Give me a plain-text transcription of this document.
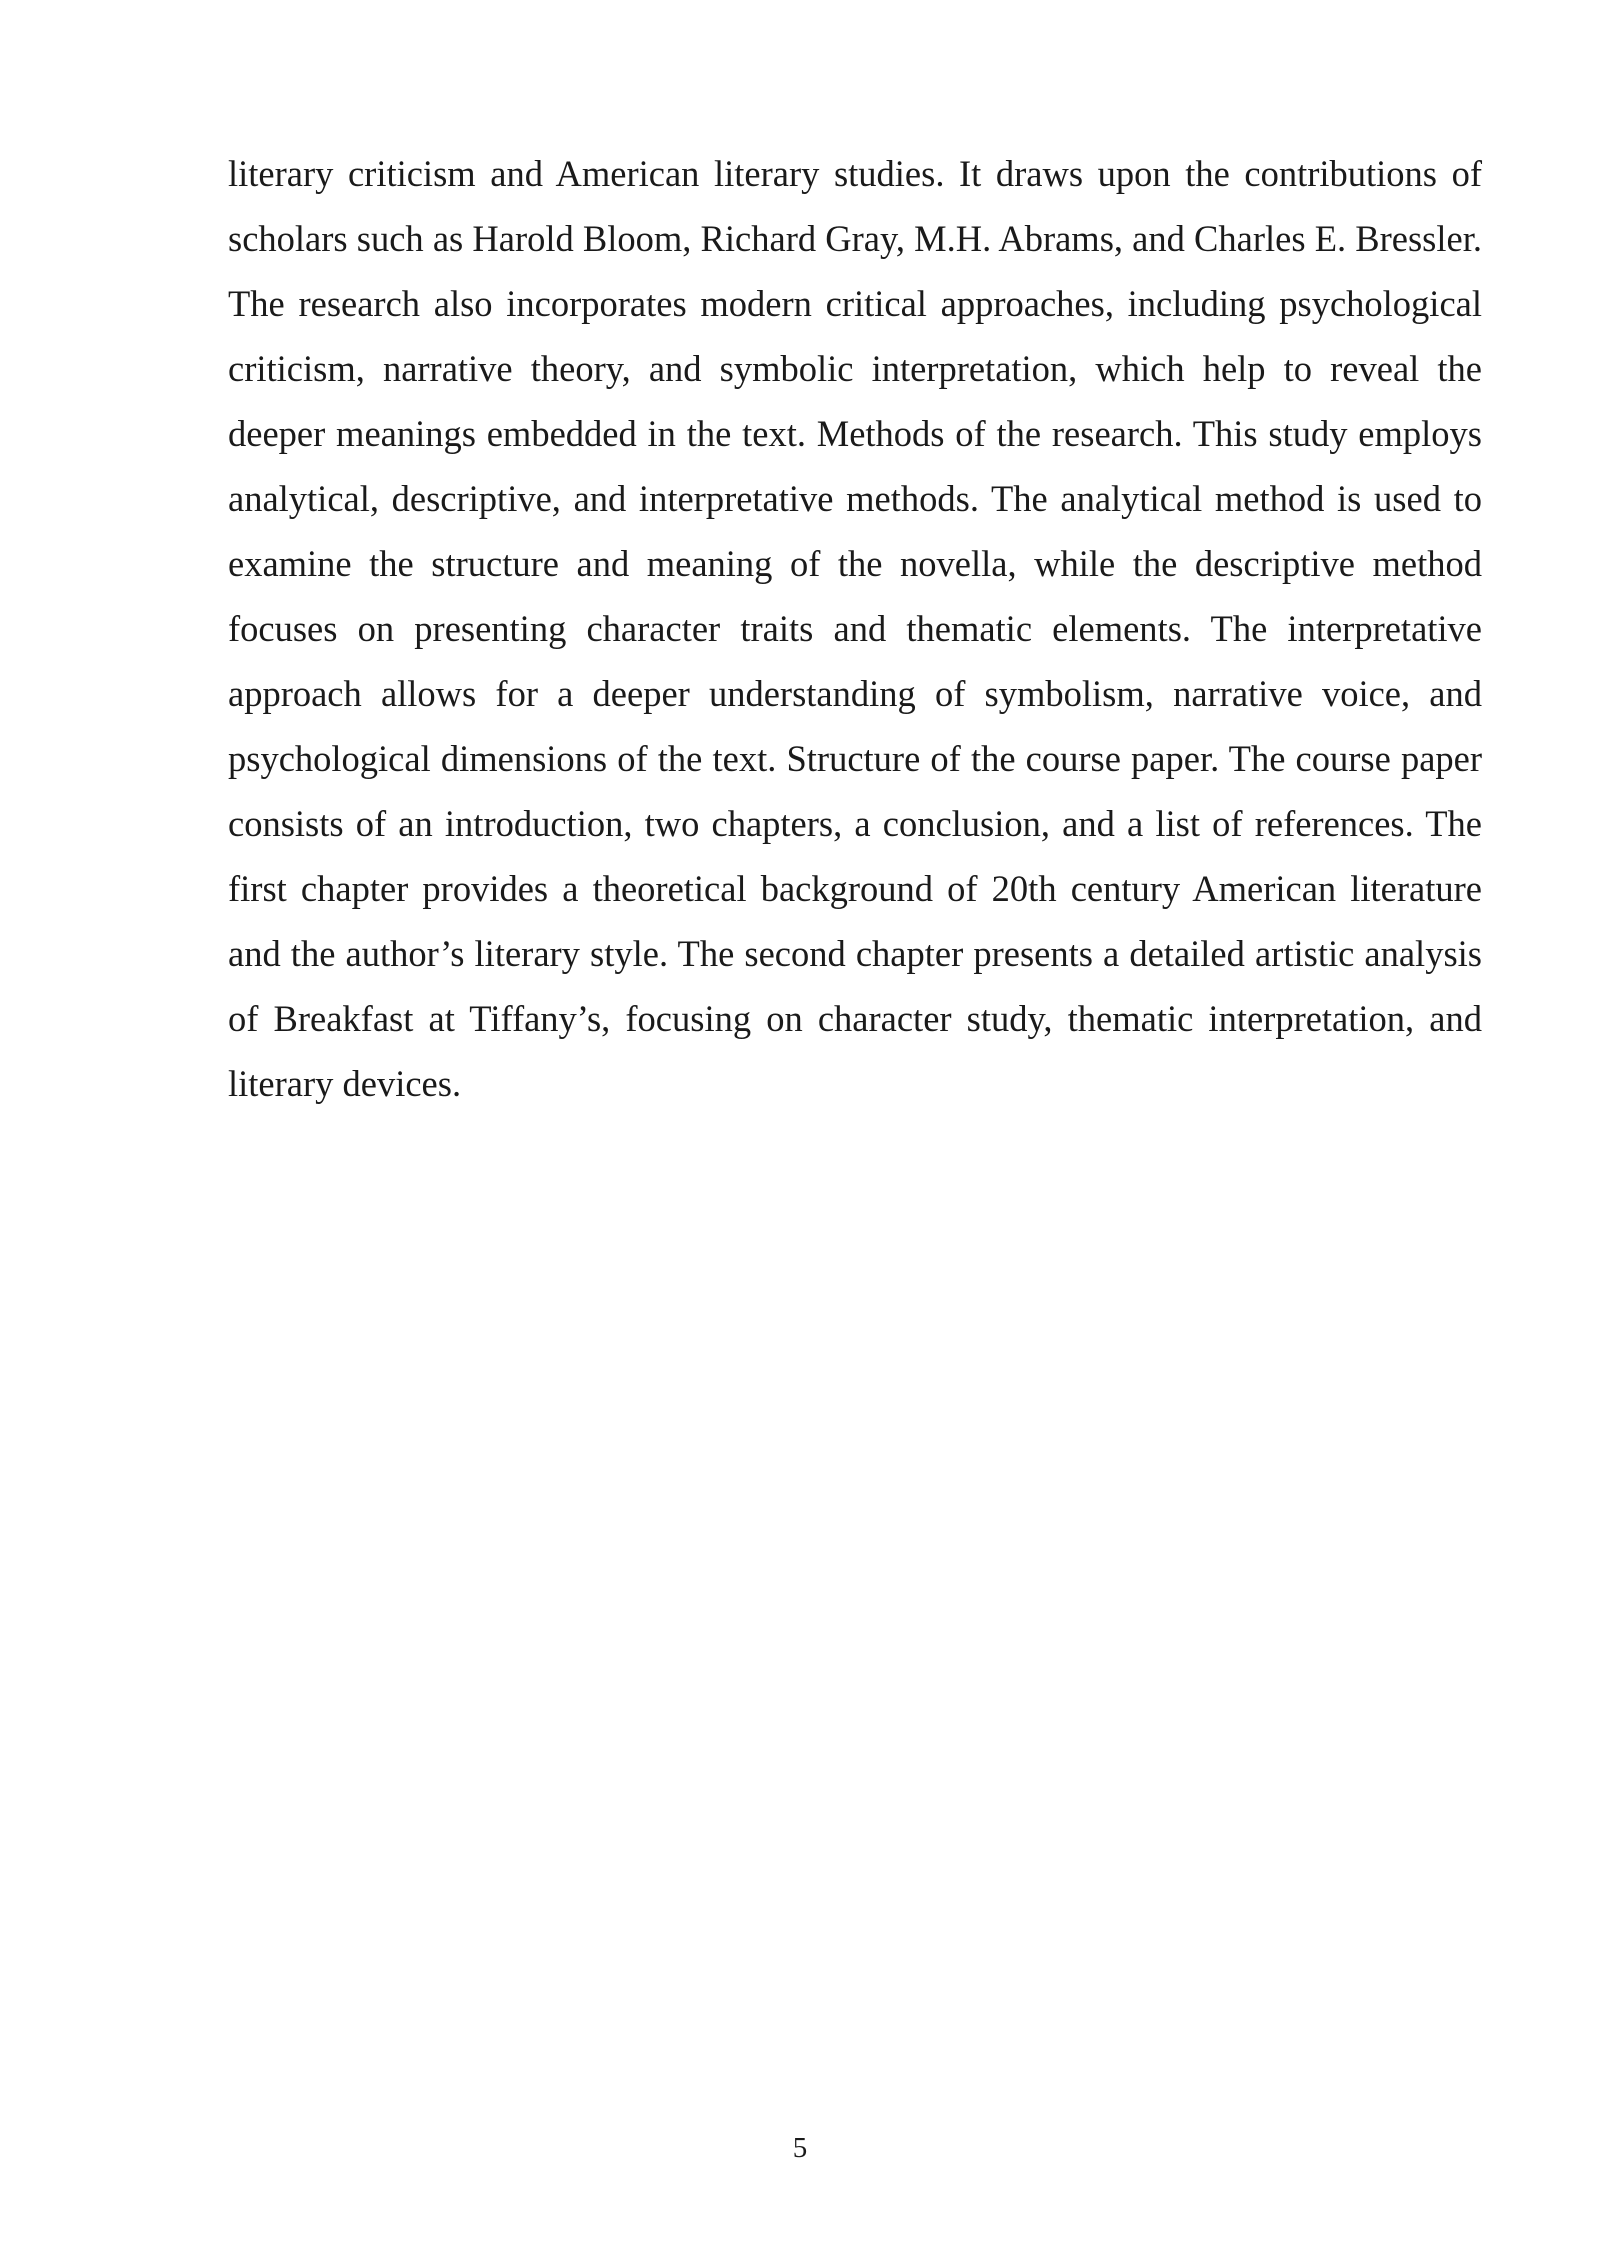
literary criticism and American literary studies. It draws upon the contributions of scholars such as Harold Bloom, Richard Gray, M.H. Abrams, and Charles E. Bressler. The research also incorporates modern critical approaches, including psychological criticism, narrative theory, and symbolic interpretation, which help to reveal the deeper meanings embedded in the text. Methods of the research. This study employs analytical, descriptive, and interpretative methods. The analytical method is used to examine the structure and meaning of the novella, while the descriptive method focuses on presenting character traits and thematic elements. The interpretative approach allows for a deeper understanding of symbolism, narrative voice, and psychological dimensions of the text. Structure of the course paper. The course paper consists of an introduction, two chapters, a conclusion, and a list of references. The first chapter provides a theoretical background of 20th century American literature and the author’s literary style. The second chapter presents a detailed artistic analysis of Breakfast at Tiffany’s, focusing on character study, thematic interpretation, and literary devices.

5
